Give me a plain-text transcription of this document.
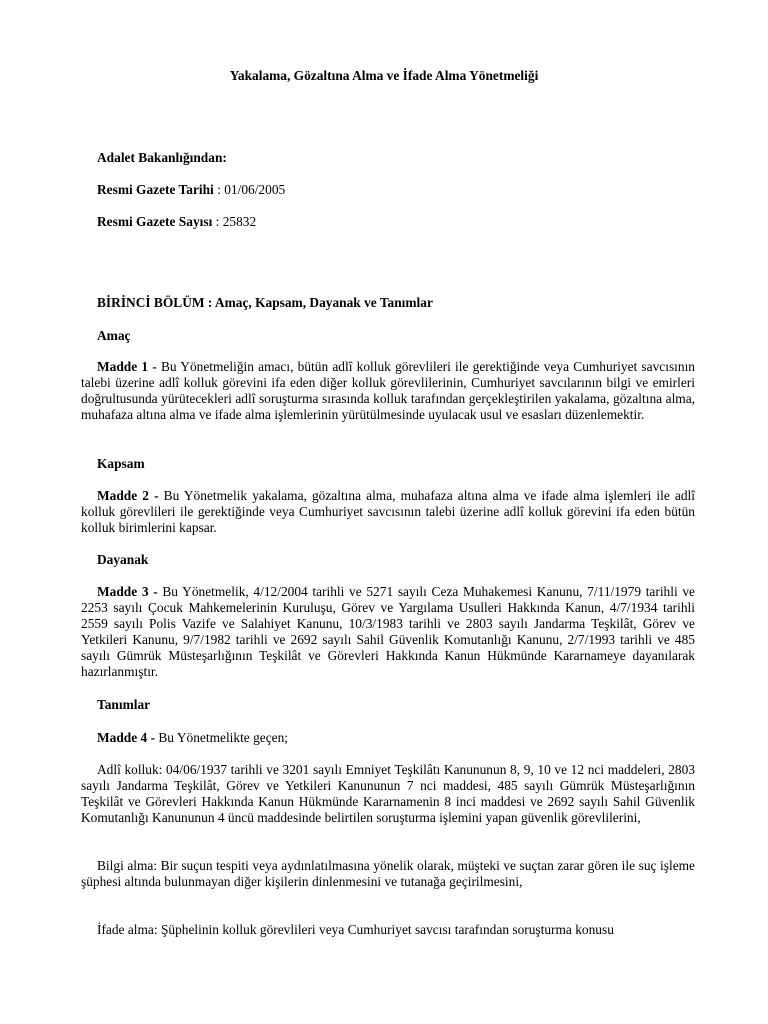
Yakalama, Gözaltına Alma ve İfade Alma Yönetmeliği
Adalet Bakanlığından:
Resmi Gazete Tarihi : 01/06/2005
Resmi Gazete Sayısı : 25832
BİRİNCİ BÖLÜM : Amaç, Kapsam, Dayanak ve Tanımlar
Amaç
Madde 1 - Bu Yönetmeliğin amacı, bütün adlî kolluk görevlileri ile gerektiğinde veya Cumhuriyet savcısının talebi üzerine adlî kolluk görevini ifa eden diğer kolluk görevlilerinin, Cumhuriyet savcılarının bilgi ve emirleri doğrultusunda yürütecekleri adlî soruşturma sırasında kolluk tarafından gerçekleştirilen yakalama, gözaltına alma, muhafaza altına alma ve ifade alma işlemlerinin yürütülmesinde uyulacak usul ve esasları düzenlemektir.
Kapsam
Madde 2 - Bu Yönetmelik yakalama, gözaltına alma, muhafaza altına alma ve ifade alma işlemleri ile adlî kolluk görevlileri ile gerektiğinde veya Cumhuriyet savcısının talebi üzerine adlî kolluk görevini ifa eden bütün kolluk birimlerini kapsar.
Dayanak
Madde 3 - Bu Yönetmelik, 4/12/2004 tarihli ve 5271 sayılı Ceza Muhakemesi Kanunu, 7/11/1979 tarihli ve 2253 sayılı Çocuk Mahkemelerinin Kuruluşu, Görev ve Yargılama Usulleri Hakkında Kanun, 4/7/1934 tarihli 2559 sayılı Polis Vazife ve Salahiyet Kanunu, 10/3/1983 tarihli ve 2803 sayılı Jandarma Teşkilât, Görev ve Yetkileri Kanunu, 9/7/1982 tarihli ve 2692 sayılı Sahil Güvenlik Komutanlığı Kanunu, 2/7/1993 tarihli ve 485 sayılı Gümrük Müsteşarlığının Teşkilât ve Görevleri Hakkında Kanun Hükmünde Kararnameye dayanılarak hazırlanmıştır.
Tanımlar
Madde 4 - Bu Yönetmelikte geçen;
Adlî kolluk: 04/06/1937 tarihli ve 3201 sayılı Emniyet Teşkilâtı Kanununun 8, 9, 10 ve 12 nci maddeleri, 2803 sayılı Jandarma Teşkilât, Görev ve Yetkileri Kanununun 7 nci maddesi, 485 sayılı Gümrük Müsteşarlığının Teşkilât ve Görevleri Hakkında Kanun Hükmünde Kararnamenin 8 inci maddesi ve 2692 sayılı Sahil Güvenlik Komutanlığı Kanununun 4 üncü maddesinde belirtilen soruşturma işlemini yapan güvenlik görevlilerini,
Bilgi alma: Bir suçun tespiti veya aydınlatılmasına yönelik olarak, müşteki ve suçtan zarar gören ile suç işleme şüphesi altında bulunmayan diğer kişilerin dinlenmesini ve tutanağa geçirilmesini,
İfade alma: Şüphelinin kolluk görevlileri veya Cumhuriyet savcısı tarafından soruşturma konusu
